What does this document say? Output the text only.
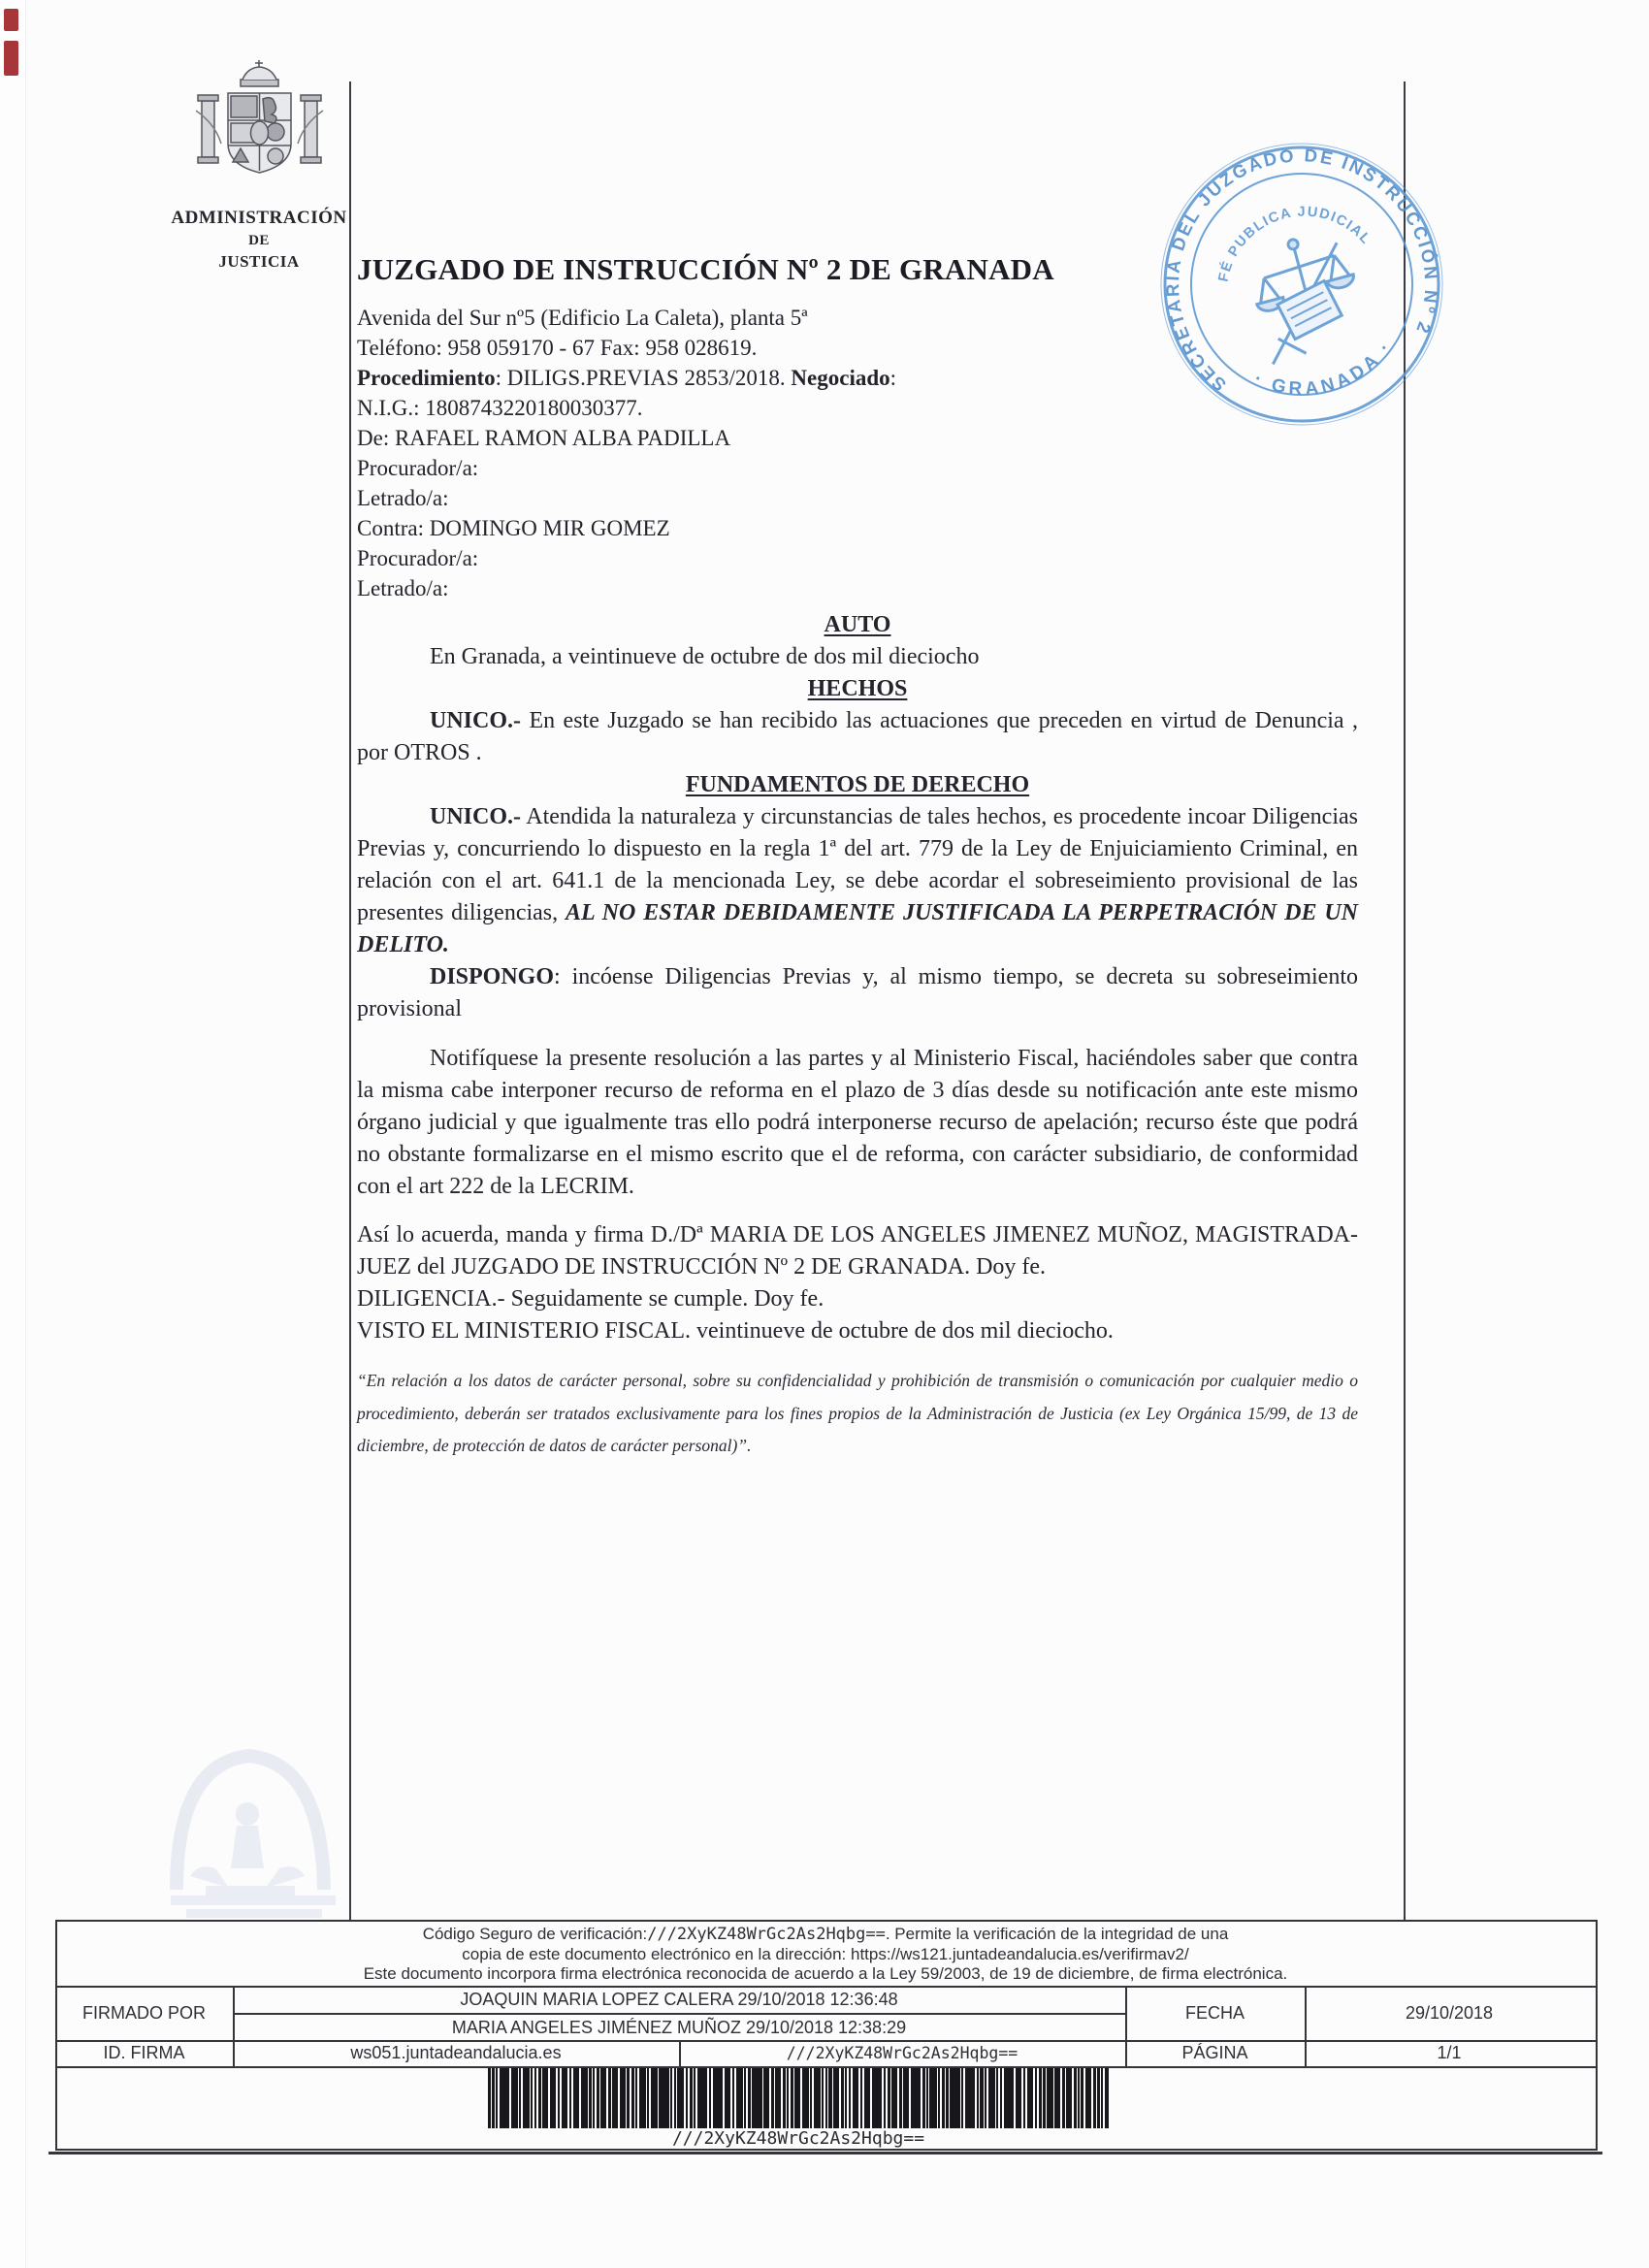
ADMINISTRACIÓN
DE
JUSTICIA	JUZGADO DE INSTRUCCIÓN Nº 2 DE GRANADA
Avenida del Sur nº5 (Edificio La Caleta), planta 5ª
Teléfono: 958 059170 - 67 Fax: 958 028619.
Procedimiento: DILIGS.PREVIAS 2853/2018. Negociado:
N.I.G.: 1808743220180030377.
De: RAFAEL RAMON ALBA PADILLA
Procurador/a:
Letrado/a:
Contra: DOMINGO MIR GOMEZ
Procurador/a:
Letrado/a:
SECRETARIA DEL JUZGADO DE INSTRUCCIÓN Nº 2
· GRANADA ·
FÉ PUBLICA JUDICIAL
AUTO
En Granada, a veintinueve de octubre de dos mil dieciocho
HECHOS
UNICO.- En este Juzgado se han recibido las actuaciones que preceden en virtud de Denuncia , por OTROS .
FUNDAMENTOS DE DERECHO
UNICO.- Atendida la naturaleza y circunstancias de tales hechos, es procedente incoar Diligencias Previas y, concurriendo lo dispuesto en la regla 1ª del art. 779 de la Ley de Enjuiciamiento Criminal, en relación con el art. 641.1 de la mencionada Ley, se debe acordar el sobreseimiento provisional de las presentes diligencias, AL NO ESTAR DEBIDAMENTE JUSTIFICADA LA PERPETRACIÓN DE UN DELITO.
DISPONGO: incóense Diligencias Previas y, al mismo tiempo, se decreta su sobreseimiento provisional
Notifíquese la presente resolución a las partes y al Ministerio Fiscal, haciéndoles saber que contra la misma cabe interponer recurso de reforma en el plazo de 3 días desde su notificación ante este mismo órgano judicial y que igualmente tras ello podrá interponerse recurso de apelación; recurso éste que podrá no obstante formalizarse en el mismo escrito que el de reforma, con carácter subsidiario, de conformidad con el art 222 de la LECRIM.
Así lo acuerda, manda y firma D./Dª MARIA DE LOS ANGELES JIMENEZ MUÑOZ, MAGISTRADA-JUEZ del JUZGADO DE INSTRUCCIÓN Nº 2 DE GRANADA. Doy fe.
DILIGENCIA.- Seguidamente se cumple. Doy fe.
VISTO EL MINISTERIO FISCAL. veintinueve de octubre de dos mil dieciocho.
“En relación a los datos de carácter personal, sobre su confidencialidad y prohibición de transmisión o comunicación por cualquier medio o procedimiento, deberán ser tratados exclusivamente para los fines propios de la Administración de Justicia (ex Ley Orgánica 15/99, de 13 de diciembre, de protección de datos de carácter personal)”.
Código Seguro de verificación:///2XyKZ48WrGc2As2Hqbg==. Permite la verificación de la integridad de una
copia de este documento electrónico en la dirección: https://ws121.juntadeandalucia.es/verifirmav2/
Este documento incorpora firma electrónica reconocida de acuerdo a la Ley 59/2003, de 19 de diciembre, de firma electrónica.
FIRMADO POR
JOAQUIN MARIA LOPEZ CALERA 29/10/2018 12:36:48
MARIA ANGELES JIMÉNEZ MUÑOZ 29/10/2018 12:38:29
FECHA	29/10/2018
ID. FIRMA	ws051.juntadeandalucia.es	///2XyKZ48WrGc2As2Hqbg==	PÁGINA	1/1
///2XyKZ48WrGc2As2Hqbg==
